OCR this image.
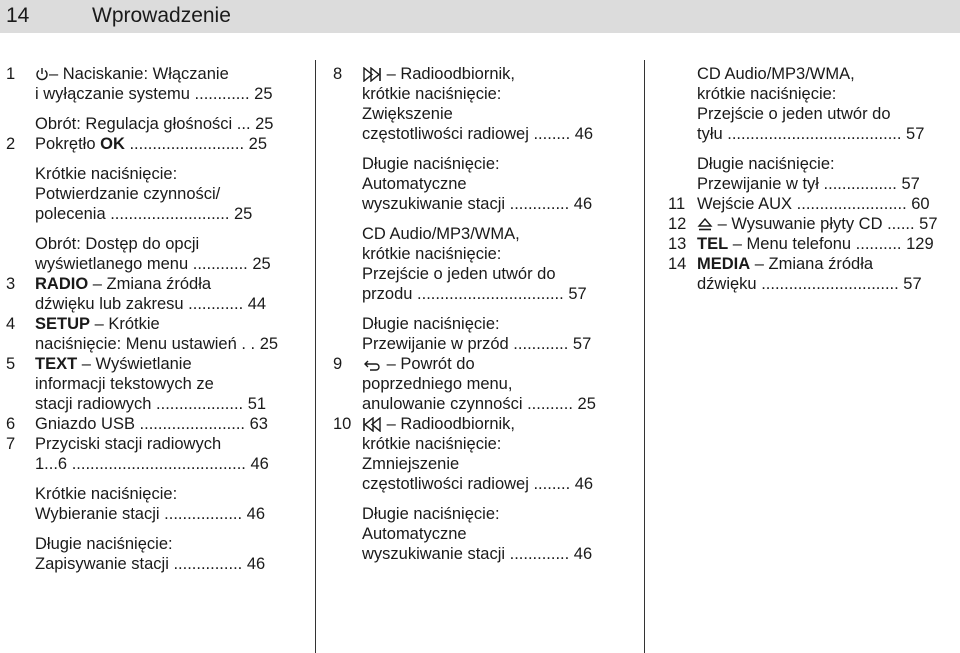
14	Wprowadzenie
1	– Naciskanie: Włączanie
i wyłączanie systemu ............ 25
Obrót: Regulacja głośności ... 25
2 Pokrętło OK ......................... 25
Krótkie naciśnięcie:
Potwierdzanie czynności/
polecenia .......................... 25
Obrót: Dostęp do opcji
wyświetlanego menu ............ 25
3 RADIO – Zmiana źródła
dźwięku lub zakresu ............ 44
4 SETUP – Krótkie
naciśnięcie: Menu ustawień . . 25
5 TEXT – Wyświetlanie
informacji tekstowych ze
stacji radiowych ................... 51
6 Gniazdo USB ....................... 63
7 Przyciski stacji radiowych
1...6 ...................................... 46
Krótkie naciśnięcie:
Wybieranie stacji ................. 46
Długie naciśnięcie:
Zapisywanie stacji ............... 46
8	– Radioodbiornik,
krótkie naciśnięcie:
Zwiększenie
częstotliwości radiowej ........ 46
Długie naciśnięcie:
Automatyczne
wyszukiwanie stacji ............. 46
CD Audio/MP3/WMA,
krótkie naciśnięcie:
Przejście o jeden utwór do
przodu ................................ 57
Długie naciśnięcie:
Przewijanie w przód ............ 57
9	– Powrót do
poprzedniego menu,
anulowanie czynności .......... 25
10	– Radioodbiornik,
krótkie naciśnięcie:
Zmniejszenie
częstotliwości radiowej ........ 46
Długie naciśnięcie:
Automatyczne
wyszukiwanie stacji ............. 46
CD Audio/MP3/WMA,
krótkie naciśnięcie:
Przejście o jeden utwór do
tyłu ...................................... 57
Długie naciśnięcie:
Przewijanie w tył ................ 57
11 Wejście AUX ........................ 60
12	– Wysuwanie płyty CD ...... 57
13 TEL – Menu telefonu .......... 129
14 MEDIA – Zmiana źródła
dźwięku .............................. 57
